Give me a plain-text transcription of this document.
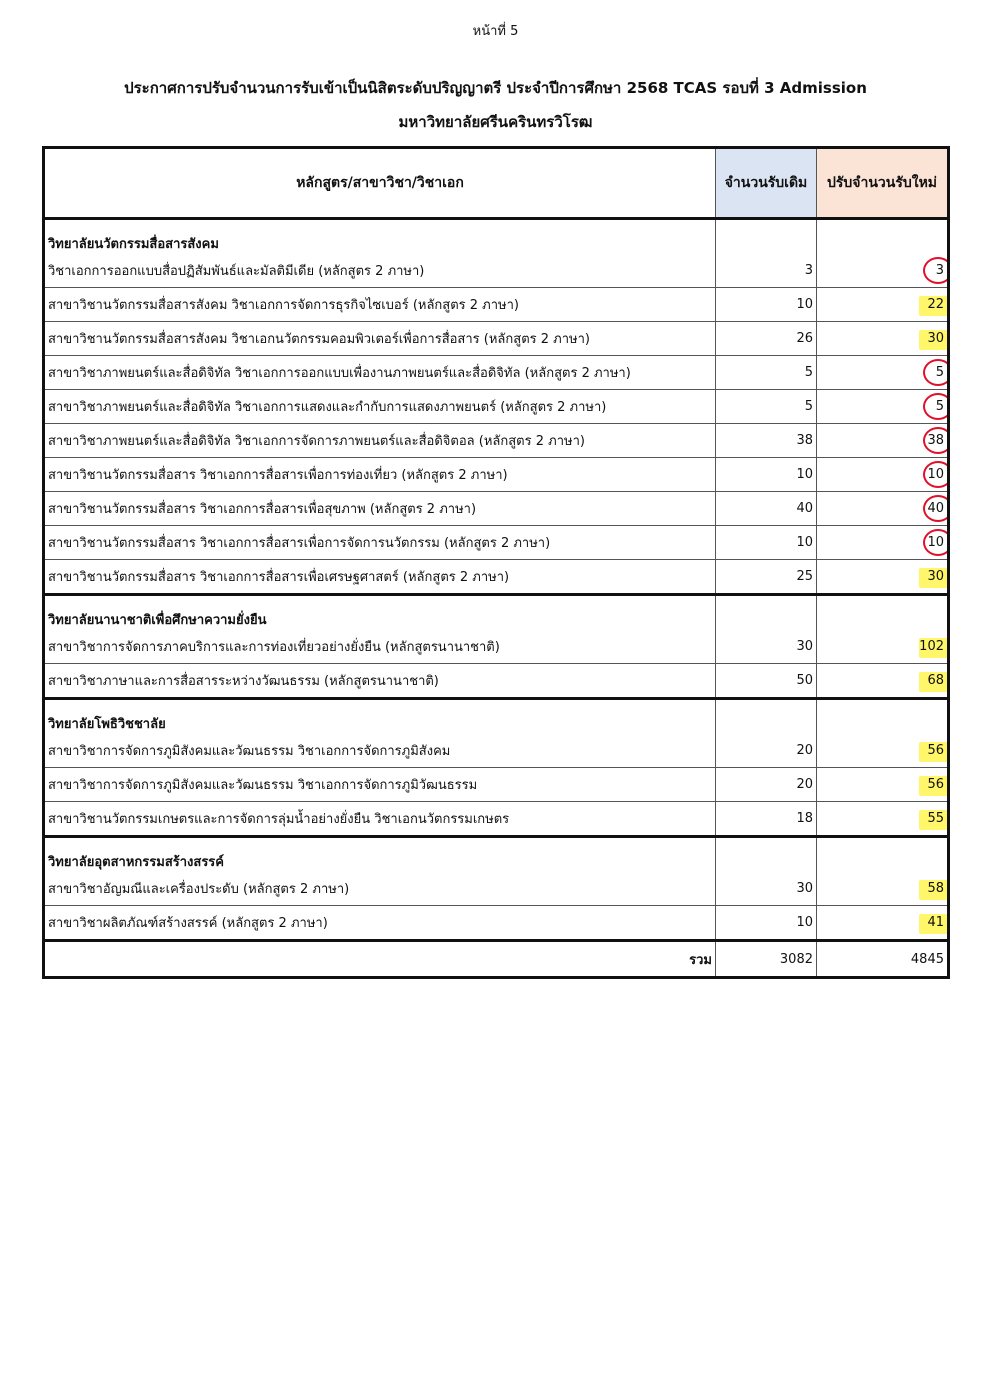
หน้าที่ 5
ประกาศการปรับจำนวนการรับเข้าเป็นนิสิตระดับปริญญาตรี ประจำปีการศึกษา 2568 TCAS รอบที่ 3 Admission
มหาวิทยาลัยศรีนครินทรวิโรฒ
หลักสูตร/สาขาวิชา/วิชาเอก	จำนวนรับเดิม	ปรับจำนวนรับใหม่
วิทยาลัยนวัตกรรมสื่อสารสังคม		
วิชาเอกการออกแบบสื่อปฏิสัมพันธ์และมัลติมีเดีย (หลักสูตร 2 ภาษา)	3	3

สาขาวิชานวัตกรรมสื่อสารสังคม วิชาเอกการจัดการธุรกิจไซเบอร์ (หลักสูตร 2 ภาษา)	10	22
สาขาวิชานวัตกรรมสื่อสารสังคม วิชาเอกนวัตกรรมคอมพิวเตอร์เพื่อการสื่อสาร (หลักสูตร 2 ภาษา)	26	30
สาขาวิชาภาพยนตร์และสื่อดิจิทัล วิชาเอกการออกแบบเพื่องานภาพยนตร์และสื่อดิจิทัล (หลักสูตร 2 ภาษา)	5	5

สาขาวิชาภาพยนตร์และสื่อดิจิทัล วิชาเอกการแสดงและกำกับการแสดงภาพยนตร์ (หลักสูตร 2 ภาษา)	5	5

สาขาวิชาภาพยนตร์และสื่อดิจิทัล วิชาเอกการจัดการภาพยนตร์และสื่อดิจิตอล (หลักสูตร 2 ภาษา)	38	38

สาขาวิชานวัตกรรมสื่อสาร วิชาเอกการสื่อสารเพื่อการท่องเที่ยว (หลักสูตร 2 ภาษา)	10	10

สาขาวิชานวัตกรรมสื่อสาร วิชาเอกการสื่อสารเพื่อสุขภาพ (หลักสูตร 2 ภาษา)	40	40

สาขาวิชานวัตกรรมสื่อสาร วิชาเอกการสื่อสารเพื่อการจัดการนวัตกรรม (หลักสูตร 2 ภาษา)	10	10

สาขาวิชานวัตกรรมสื่อสาร วิชาเอกการสื่อสารเพื่อเศรษฐศาสตร์ (หลักสูตร 2 ภาษา)	25	30
วิทยาลัยนานาชาติเพื่อศึกษาความยั่งยืน		
สาขาวิชาการจัดการภาคบริการและการท่องเที่ยวอย่างยั่งยืน (หลักสูตรนานาชาติ)	30	102
สาขาวิชาภาษาและการสื่อสารระหว่างวัฒนธรรม (หลักสูตรนานาชาติ)	50	68
วิทยาลัยโพธิวิชชาลัย		
สาขาวิชาการจัดการภูมิสังคมและวัฒนธรรม วิชาเอกการจัดการภูมิสังคม	20	56
สาขาวิชาการจัดการภูมิสังคมและวัฒนธรรม วิชาเอกการจัดการภูมิวัฒนธรรม	20	56
สาขาวิชานวัตกรรมเกษตรและการจัดการลุ่มน้ำอย่างยั่งยืน วิชาเอกนวัตกรรมเกษตร	18	55
วิทยาลัยอุตสาหกรรมสร้างสรรค์		
สาขาวิชาอัญมณีและเครื่องประดับ (หลักสูตร 2 ภาษา)	30	58
สาขาวิชาผลิตภัณฑ์สร้างสรรค์ (หลักสูตร 2 ภาษา)	10	41
รวม	3082	4845
